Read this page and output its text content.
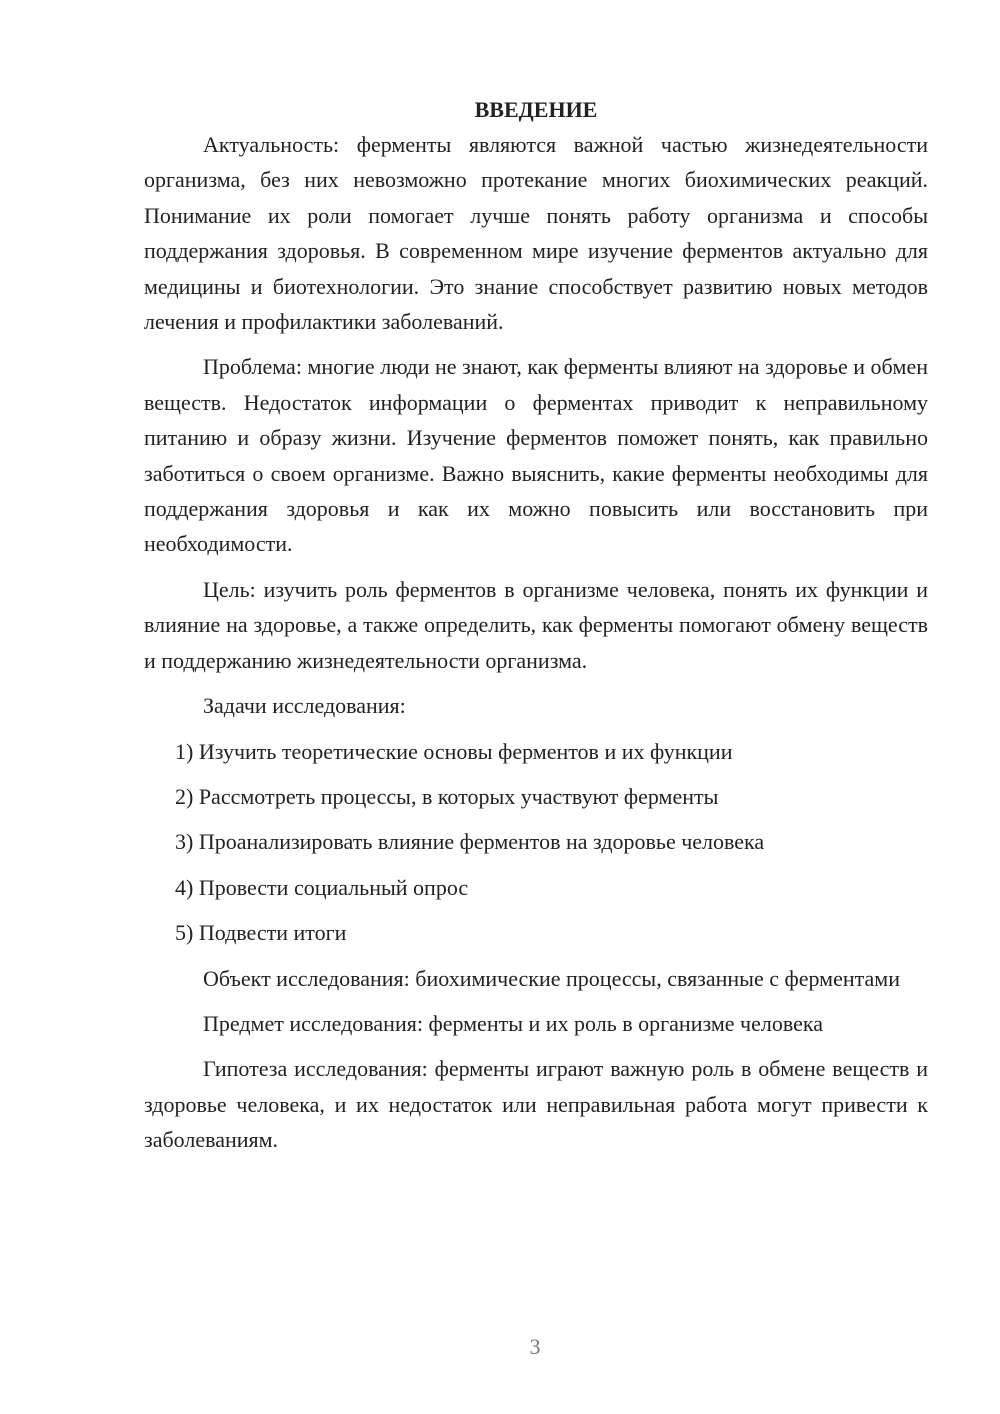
ВВЕДЕНИЕ

Актуальность: ферменты являются важной частью жизнедеятельности организма, без них невозможно протекание многих биохимических реакций. Понимание их роли помогает лучше понять работу организма и способы поддержания здоровья. В современном мире изучение ферментов актуально для медицины и биотехнологии. Это знание способствует развитию новых методов лечения и профилактики заболеваний.

Проблема: многие люди не знают, как ферменты влияют на здоровье и обмен веществ. Недостаток информации о ферментах приводит к неправильному питанию и образу жизни. Изучение ферментов поможет понять, как правильно заботиться о своем организме. Важно выяснить, какие ферменты необходимы для поддержания здоровья и как их можно повысить или восстановить при необходимости.

Цель: изучить роль ферментов в организме человека, понять их функции и влияние на здоровье, а также определить, как ферменты помогают обмену веществ и поддержанию жизнедеятельности организма.

Задачи исследования:

1) Изучить теоретические основы ферментов и их функции
2) Рассмотреть процессы, в которых участвуют ферменты
3) Проанализировать влияние ферментов на здоровье человека
4) Провести социальный опрос
5) Подвести итоги

Объект исследования: биохимические процессы, связанные с ферментами

Предмет исследования: ферменты и их роль в организме человека

Гипотеза исследования: ферменты играют важную роль в обмене веществ и здоровье человека, и их недостаток или неправильная работа могут привести к заболеваниям.

3
